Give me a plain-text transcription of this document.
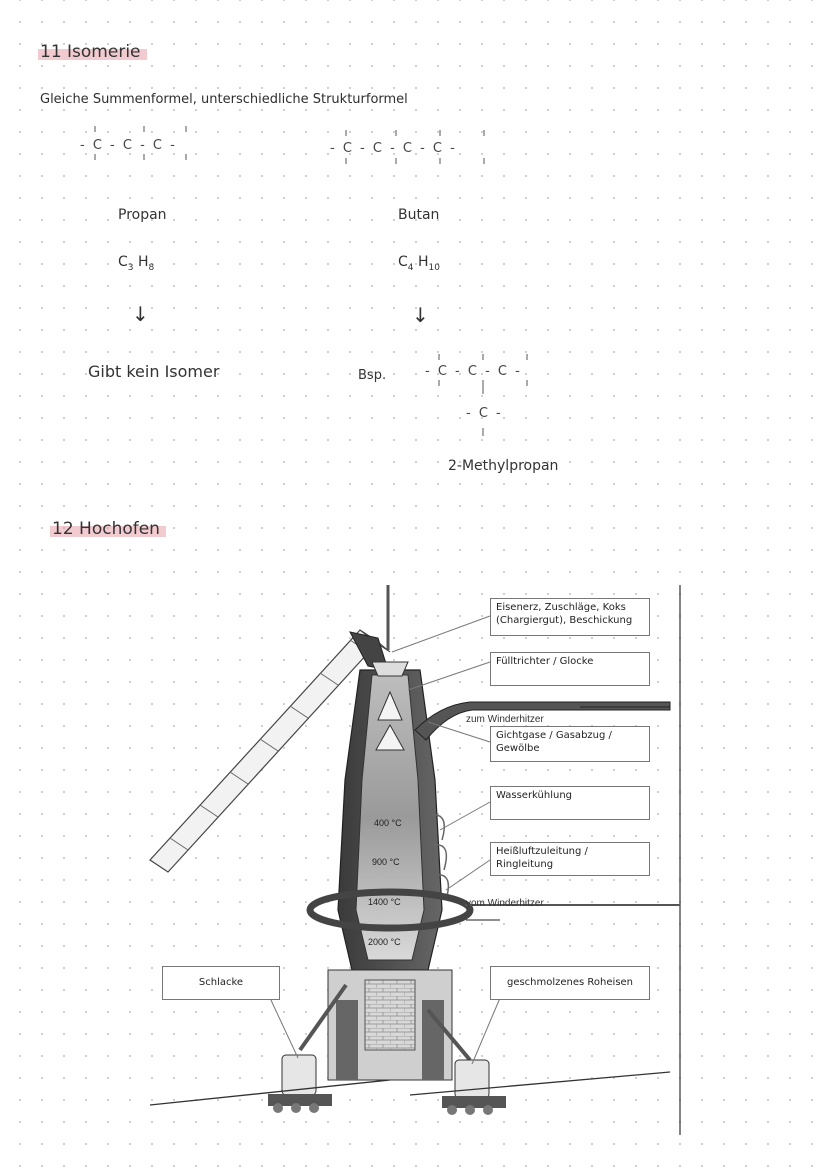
11 Isomerie
Gleiche Summenformel, unterschiedliche Strukturformel
- C - C - C -
Propan
$C_3$ $H_8$
↓
Gibt kein Isomer
- C - C - C - C -
Butan
$C_4$ $H_{10}$
↓
Bsp.	- C - C - C -
- C -
2-Methylpropan
12 Hochofen
zum Winderhitzer
vom Winderhitzer
400 °C
900 °C
1400 °C
2000 °C
Eisenerz, Zuschläge, Koks (Chargiergut), Beschickung
Fülltrichter / Glocke
Gichtgase / Gasabzug / Gewölbe
Wasserkühlung
Heißluftzuleitung / Ringleitung
Schlacke	geschmolzenes Roheisen
